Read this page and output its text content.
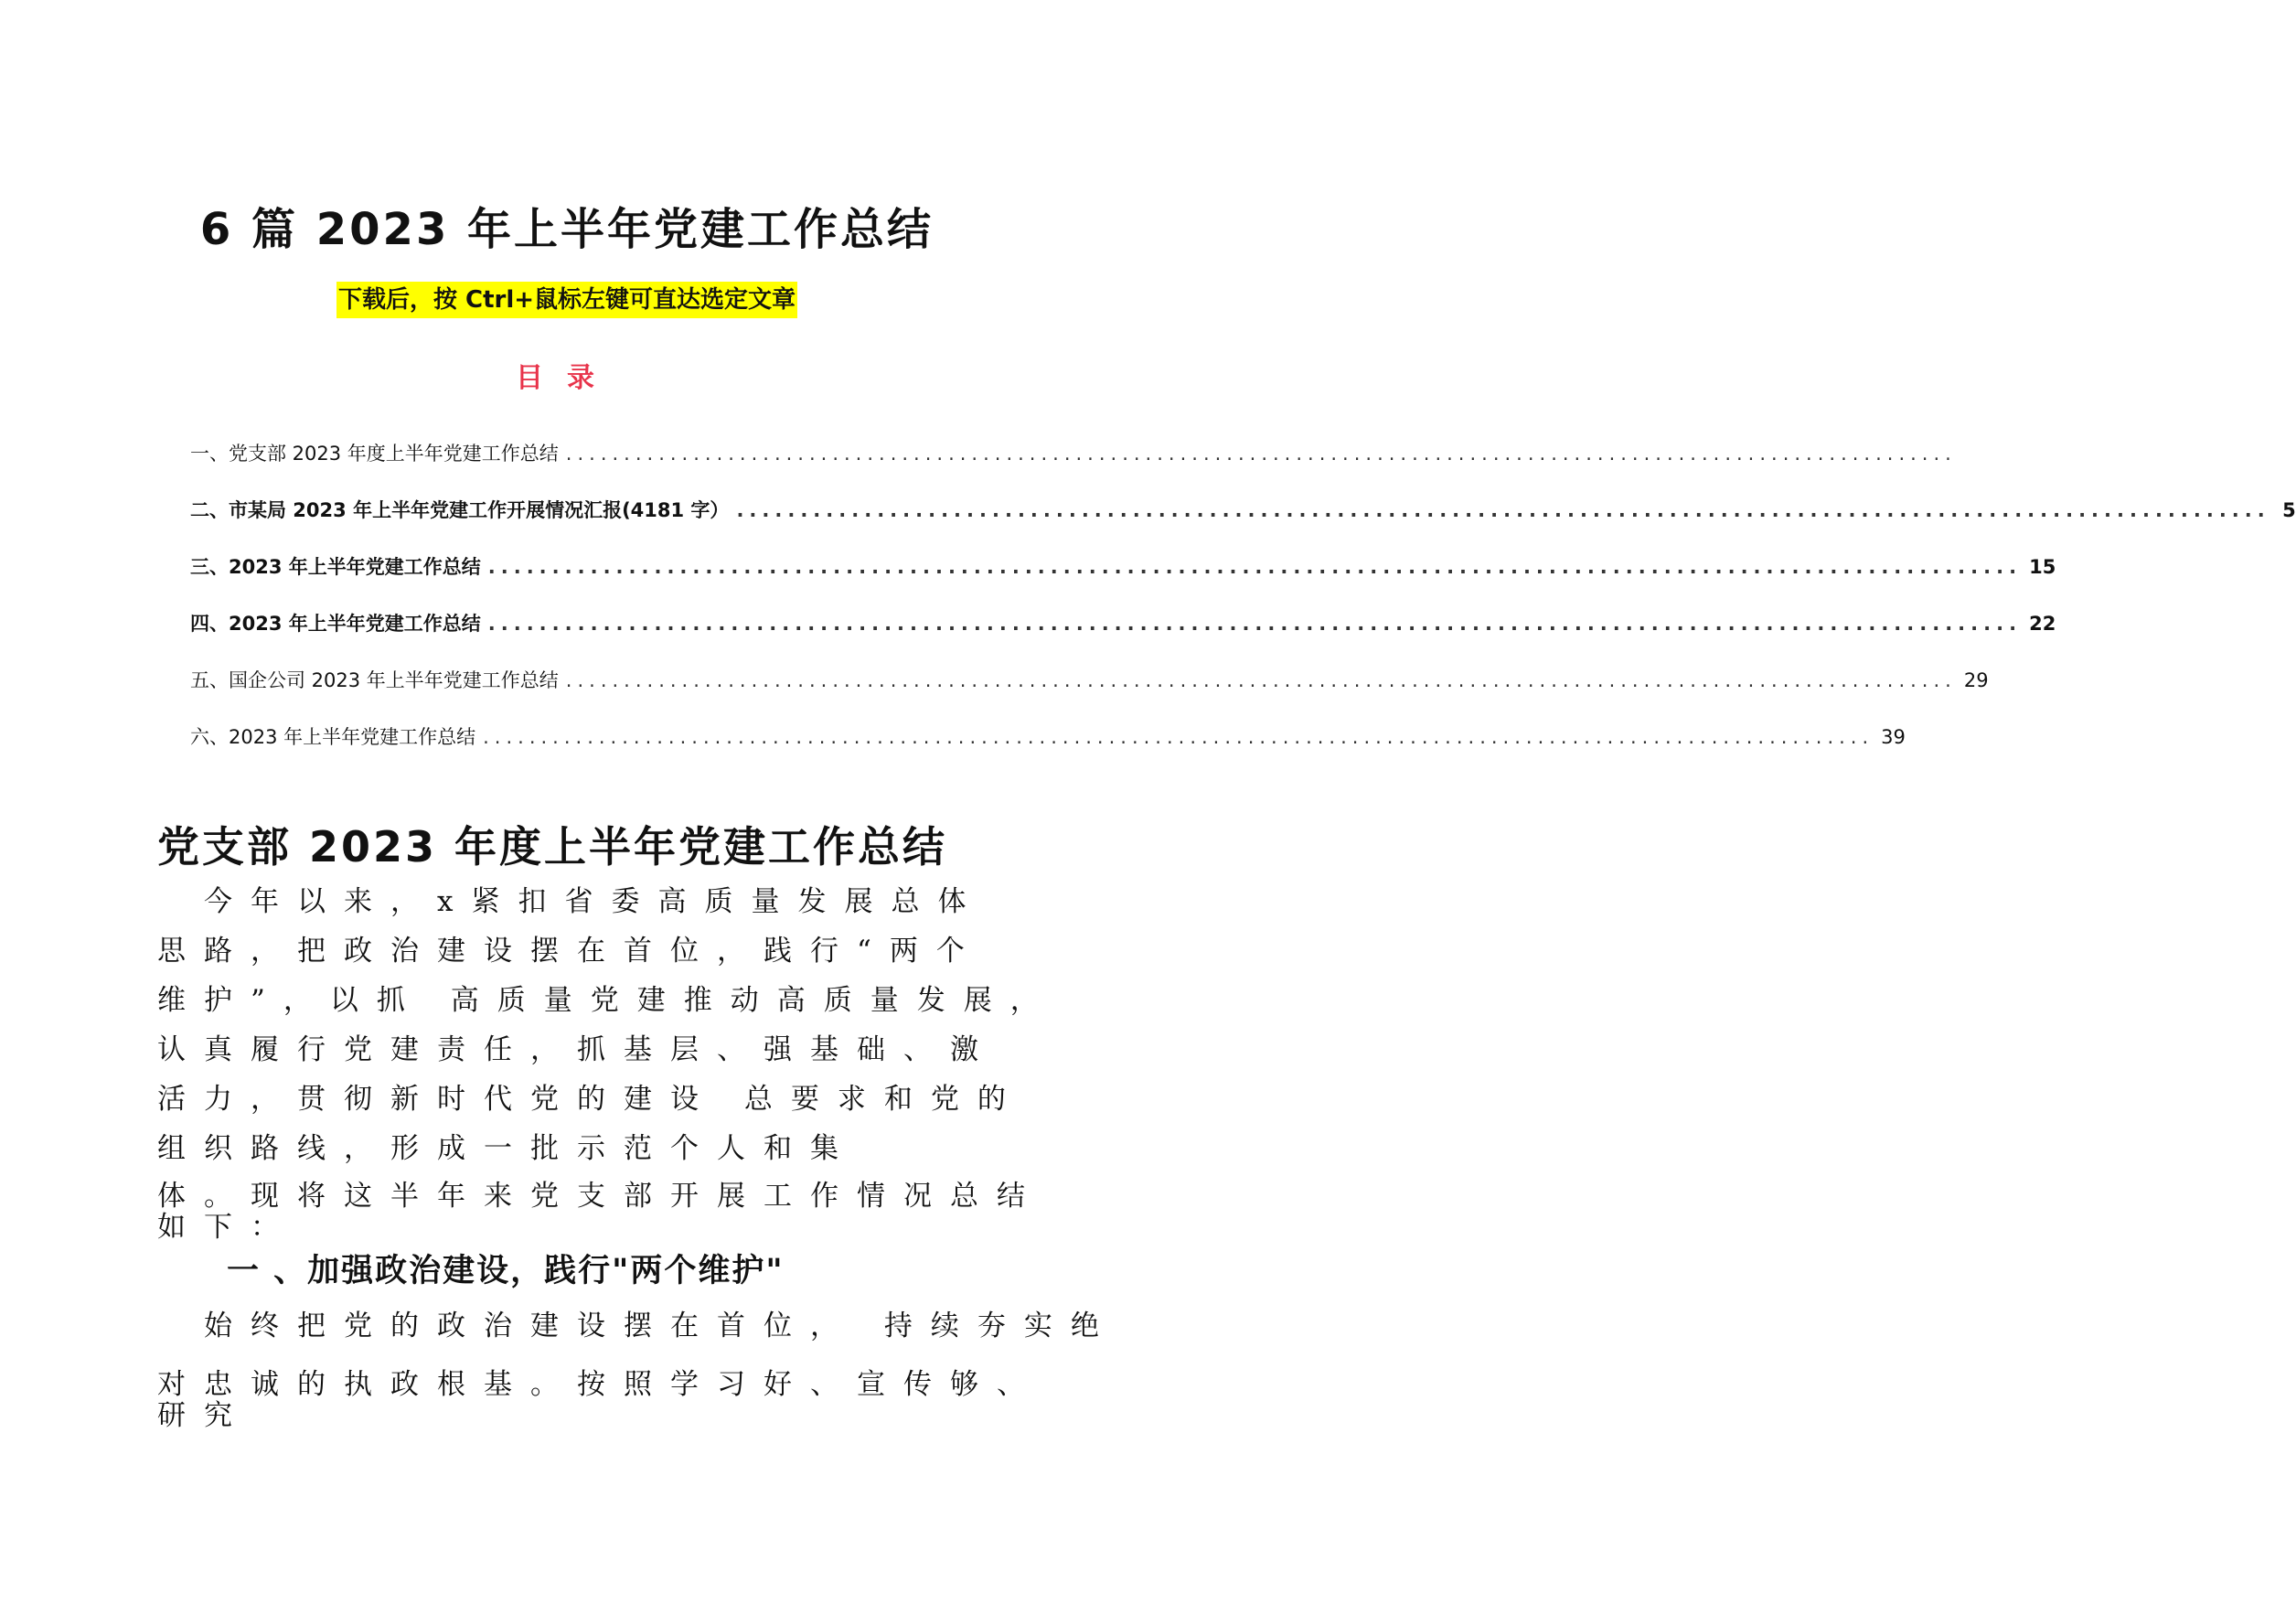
6 篇 2023 年上半年党建工作总结
下载后，按 Ctrl+鼠标左键可直达选定文章
目录
一、党支部 2023 年度上半年党建工作总结 ........................................................................................................................
二、市某局 2023 年上半年党建工作开展情况汇报(4181 字） ........................................................................................................................ 5
三、2023 年上半年党建工作总结 ........................................................................................................................ 15
四、2023 年上半年党建工作总结 ........................................................................................................................ 22
五、国企公司 2023 年上半年党建工作总结 ........................................................................................................................ 29
六、2023 年上半年党建工作总结 ........................................................................................................................ 39
党支部 2023 年度上半年党建工作总结
　今年以来，x紧扣省委高质量发展总体
思路，把政治建设摆在首位，践行“两个
维护”，以抓 高质量党建推动高质量发展，
认真履行党建责任，抓基层、强基础、激
活力，贯彻新时代党的建设 总要求和党的
组织路线，形成一批示范个人和集
体。现将这半年来党支部开展工作情况总结
如下：
一 、加强政治建设，践行"两个维护"
　始终把党的政治建设摆在首位， 持续夯实绝
对忠诚的执政根基。按照学习好、宣传够、
研究
